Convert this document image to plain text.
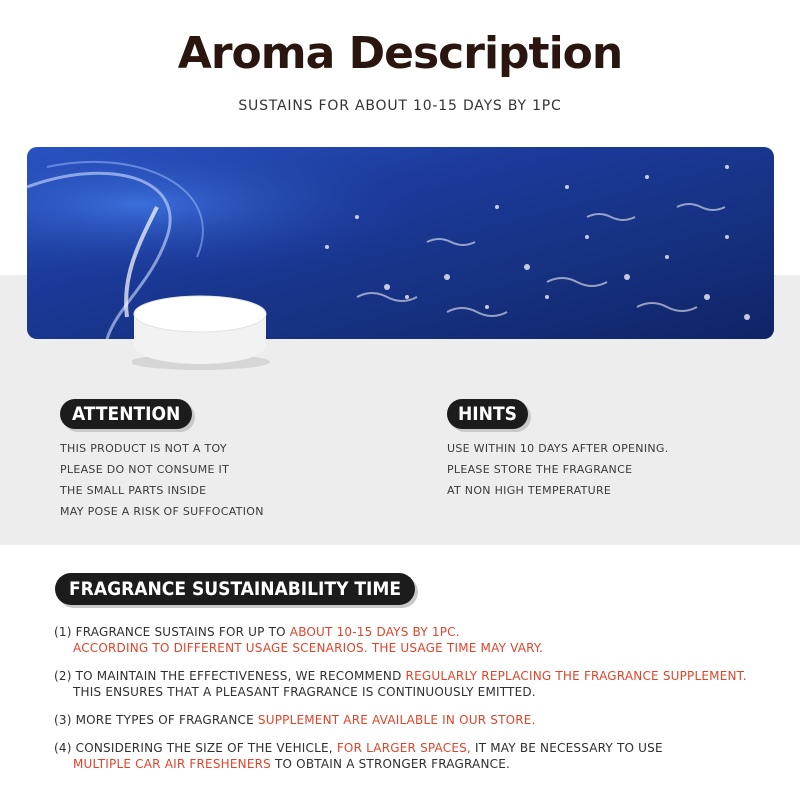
Aroma Description
SUSTAINS FOR ABOUT 10-15 DAYS BY 1PC
ATTENTION
THIS PRODUCT IS NOT A TOY
PLEASE DO NOT CONSUME IT
THE SMALL PARTS INSIDE
MAY POSE A RISK OF SUFFOCATION
HINTS
USE WITHIN 10 DAYS AFTER OPENING.
PLEASE STORE THE FRAGRANCE
AT NON HIGH TEMPERATURE
FRAGRANCE SUSTAINABILITY TIME
(1) FRAGRANCE SUSTAINS FOR UP TO ABOUT 10-15 DAYS BY 1PC.
ACCORDING TO DIFFERENT USAGE SCENARIOS. THE USAGE TIME MAY VARY.
(2) TO MAINTAIN THE EFFECTIVENESS, WE RECOMMEND REGULARLY REPLACING THE FRAGRANCE SUPPLEMENT.
THIS ENSURES THAT A PLEASANT FRAGRANCE IS CONTINUOUSLY EMITTED.
(3) MORE TYPES OF FRAGRANCE SUPPLEMENT ARE AVAILABLE IN OUR STORE.
(4) CONSIDERING THE SIZE OF THE VEHICLE, FOR LARGER SPACES, IT MAY BE NECESSARY TO USE
MULTIPLE CAR AIR FRESHENERS TO OBTAIN A STRONGER FRAGRANCE.
